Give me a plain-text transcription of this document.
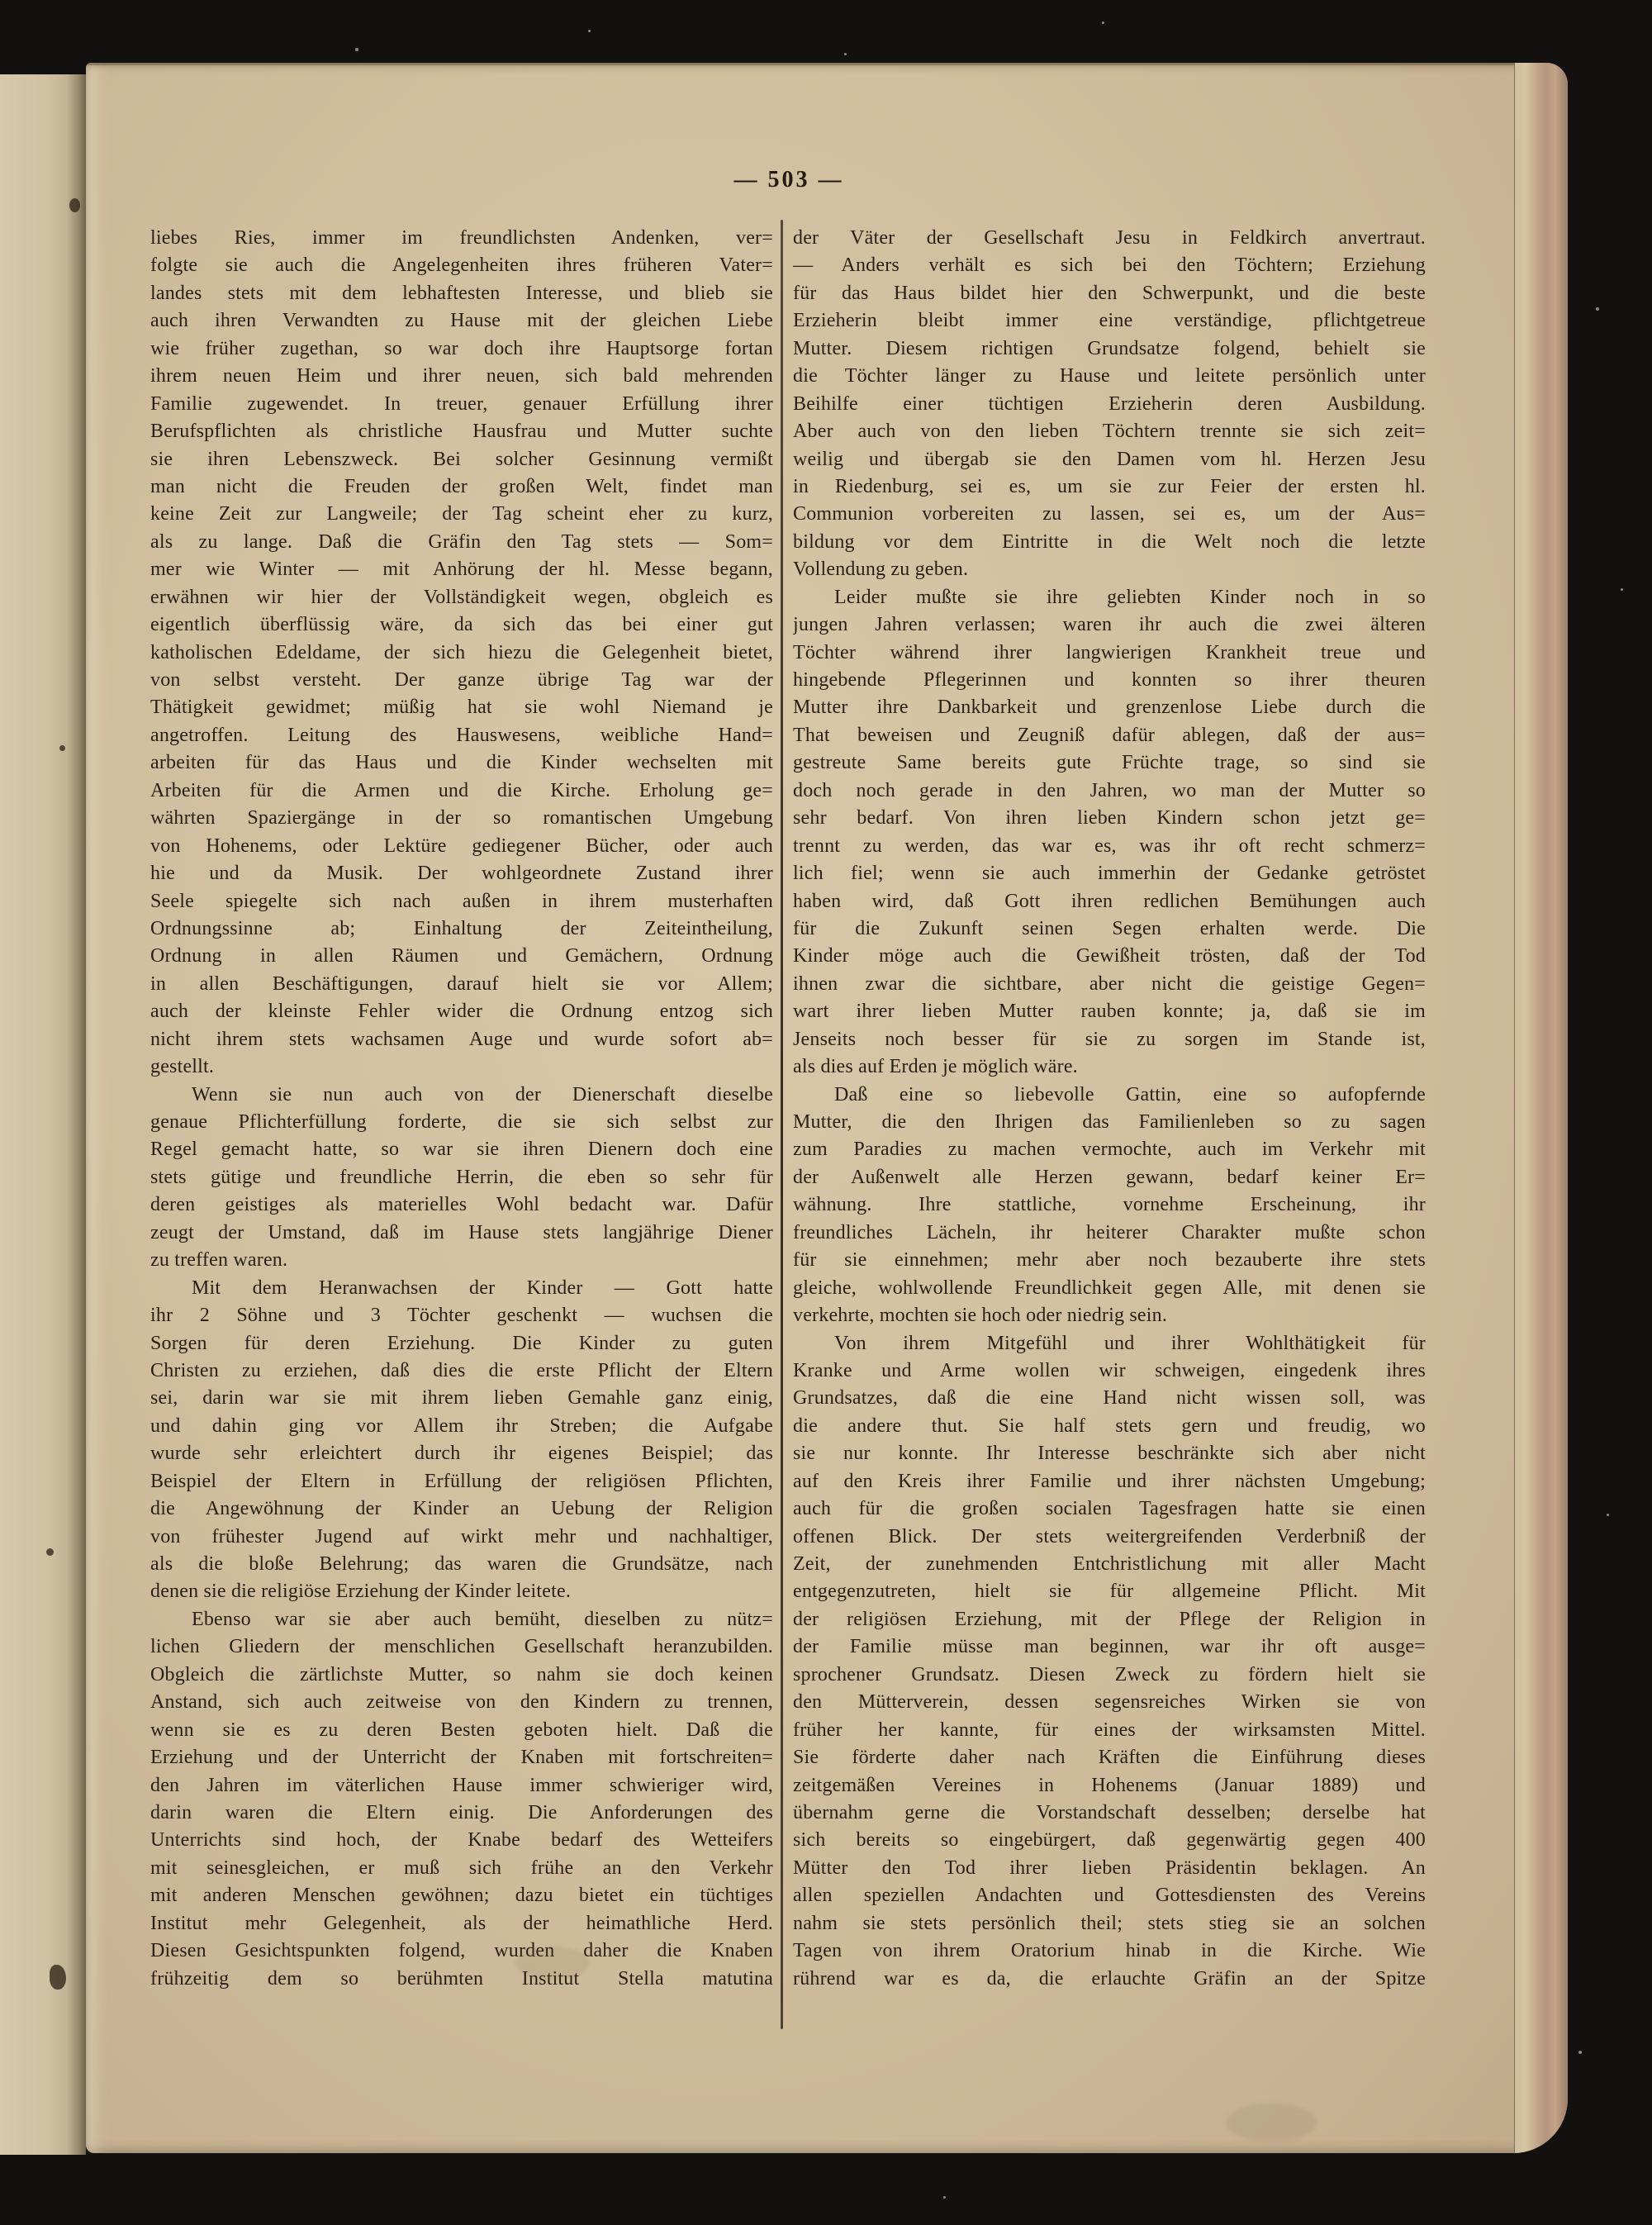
— 503 —
liebes Ries, immer im freundlichsten Andenken, ver=
folgte sie auch die Angelegenheiten ihres früheren Vater=
landes stets mit dem lebhaftesten Interesse, und blieb sie
auch ihren Verwandten zu Hause mit der gleichen Liebe
wie früher zugethan, so war doch ihre Hauptsorge fortan
ihrem neuen Heim und ihrer neuen, sich bald mehrenden
Familie zugewendet. In treuer, genauer Erfüllung ihrer
Berufspflichten als christliche Hausfrau und Mutter suchte
sie ihren Lebenszweck. Bei solcher Gesinnung vermißt
man nicht die Freuden der großen Welt, findet man
keine Zeit zur Langweile; der Tag scheint eher zu kurz,
als zu lange. Daß die Gräfin den Tag stets — Som=
mer wie Winter — mit Anhörung der hl. Messe begann,
erwähnen wir hier der Vollständigkeit wegen, obgleich es
eigentlich überflüssig wäre, da sich das bei einer gut
katholischen Edeldame, der sich hiezu die Gelegenheit bietet,
von selbst versteht. Der ganze übrige Tag war der
Thätigkeit gewidmet; müßig hat sie wohl Niemand je
angetroffen. Leitung des Hauswesens, weibliche Hand=
arbeiten für das Haus und die Kinder wechselten mit
Arbeiten für die Armen und die Kirche. Erholung ge=
währten Spaziergänge in der so romantischen Umgebung
von Hohenems, oder Lektüre gediegener Bücher, oder auch
hie und da Musik. Der wohlgeordnete Zustand ihrer
Seele spiegelte sich nach außen in ihrem musterhaften
Ordnungssinne ab; Einhaltung der Zeiteintheilung,
Ordnung in allen Räumen und Gemächern, Ordnung
in allen Beschäftigungen, darauf hielt sie vor Allem;
auch der kleinste Fehler wider die Ordnung entzog sich
nicht ihrem stets wachsamen Auge und wurde sofort ab=
gestellt.
Wenn sie nun auch von der Dienerschaft dieselbe
genaue Pflichterfüllung forderte, die sie sich selbst zur
Regel gemacht hatte, so war sie ihren Dienern doch eine
stets gütige und freundliche Herrin, die eben so sehr für
deren geistiges als materielles Wohl bedacht war. Dafür
zeugt der Umstand, daß im Hause stets langjährige Diener
zu treffen waren.
Mit dem Heranwachsen der Kinder — Gott hatte
ihr 2 Söhne und 3 Töchter geschenkt — wuchsen die
Sorgen für deren Erziehung. Die Kinder zu guten
Christen zu erziehen, daß dies die erste Pflicht der Eltern
sei, darin war sie mit ihrem lieben Gemahle ganz einig,
und dahin ging vor Allem ihr Streben; die Aufgabe
wurde sehr erleichtert durch ihr eigenes Beispiel; das
Beispiel der Eltern in Erfüllung der religiösen Pflichten,
die Angewöhnung der Kinder an Uebung der Religion
von frühester Jugend auf wirkt mehr und nachhaltiger,
als die bloße Belehrung; das waren die Grundsätze, nach
denen sie die religiöse Erziehung der Kinder leitete.
Ebenso war sie aber auch bemüht, dieselben zu nütz=
lichen Gliedern der menschlichen Gesellschaft heranzubilden.
Obgleich die zärtlichste Mutter, so nahm sie doch keinen
Anstand, sich auch zeitweise von den Kindern zu trennen,
wenn sie es zu deren Besten geboten hielt. Daß die
Erziehung und der Unterricht der Knaben mit fortschreiten=
den Jahren im väterlichen Hause immer schwieriger wird,
darin waren die Eltern einig. Die Anforderungen des
Unterrichts sind hoch, der Knabe bedarf des Wetteifers
mit seinesgleichen, er muß sich frühe an den Verkehr
mit anderen Menschen gewöhnen; dazu bietet ein tüchtiges
Institut mehr Gelegenheit, als der heimathliche Herd.
Diesen Gesichtspunkten folgend, wurden daher die Knaben
frühzeitig dem so berühmten Institut Stella matutina
der Väter der Gesellschaft Jesu in Feldkirch anvertraut.
— Anders verhält es sich bei den Töchtern; Erziehung
für das Haus bildet hier den Schwerpunkt, und die beste
Erzieherin bleibt immer eine verständige, pflichtgetreue
Mutter. Diesem richtigen Grundsatze folgend, behielt sie
die Töchter länger zu Hause und leitete persönlich unter
Beihilfe einer tüchtigen Erzieherin deren Ausbildung.
Aber auch von den lieben Töchtern trennte sie sich zeit=
weilig und übergab sie den Damen vom hl. Herzen Jesu
in Riedenburg, sei es, um sie zur Feier der ersten hl.
Communion vorbereiten zu lassen, sei es, um der Aus=
bildung vor dem Eintritte in die Welt noch die letzte
Vollendung zu geben.
Leider mußte sie ihre geliebten Kinder noch in so
jungen Jahren verlassen; waren ihr auch die zwei älteren
Töchter während ihrer langwierigen Krankheit treue und
hingebende Pflegerinnen und konnten so ihrer theuren
Mutter ihre Dankbarkeit und grenzenlose Liebe durch die
That beweisen und Zeugniß dafür ablegen, daß der aus=
gestreute Same bereits gute Früchte trage, so sind sie
doch noch gerade in den Jahren, wo man der Mutter so
sehr bedarf. Von ihren lieben Kindern schon jetzt ge=
trennt zu werden, das war es, was ihr oft recht schmerz=
lich fiel; wenn sie auch immerhin der Gedanke getröstet
haben wird, daß Gott ihren redlichen Bemühungen auch
für die Zukunft seinen Segen erhalten werde. Die
Kinder möge auch die Gewißheit trösten, daß der Tod
ihnen zwar die sichtbare, aber nicht die geistige Gegen=
wart ihrer lieben Mutter rauben konnte; ja, daß sie im
Jenseits noch besser für sie zu sorgen im Stande ist,
als dies auf Erden je möglich wäre.
Daß eine so liebevolle Gattin, eine so aufopfernde
Mutter, die den Ihrigen das Familienleben so zu sagen
zum Paradies zu machen vermochte, auch im Verkehr mit
der Außenwelt alle Herzen gewann, bedarf keiner Er=
wähnung. Ihre stattliche, vornehme Erscheinung, ihr
freundliches Lächeln, ihr heiterer Charakter mußte schon
für sie einnehmen; mehr aber noch bezauberte ihre stets
gleiche, wohlwollende Freundlichkeit gegen Alle, mit denen sie
verkehrte, mochten sie hoch oder niedrig sein.
Von ihrem Mitgefühl und ihrer Wohlthätigkeit für
Kranke und Arme wollen wir schweigen, eingedenk ihres
Grundsatzes, daß die eine Hand nicht wissen soll, was
die andere thut. Sie half stets gern und freudig, wo
sie nur konnte. Ihr Interesse beschränkte sich aber nicht
auf den Kreis ihrer Familie und ihrer nächsten Umgebung;
auch für die großen socialen Tagesfragen hatte sie einen
offenen Blick. Der stets weitergreifenden Verderbniß der
Zeit, der zunehmenden Entchristlichung mit aller Macht
entgegenzutreten, hielt sie für allgemeine Pflicht. Mit
der religiösen Erziehung, mit der Pflege der Religion in
der Familie müsse man beginnen, war ihr oft ausge=
sprochener Grundsatz. Diesen Zweck zu fördern hielt sie
den Mütterverein, dessen segensreiches Wirken sie von
früher her kannte, für eines der wirksamsten Mittel.
Sie förderte daher nach Kräften die Einführung dieses
zeitgemäßen Vereines in Hohenems (Januar 1889) und
übernahm gerne die Vorstandschaft desselben; derselbe hat
sich bereits so eingebürgert, daß gegenwärtig gegen 400
Mütter den Tod ihrer lieben Präsidentin beklagen. An
allen speziellen Andachten und Gottesdiensten des Vereins
nahm sie stets persönlich theil; stets stieg sie an solchen
Tagen von ihrem Oratorium hinab in die Kirche. Wie
rührend war es da, die erlauchte Gräfin an der Spitze
